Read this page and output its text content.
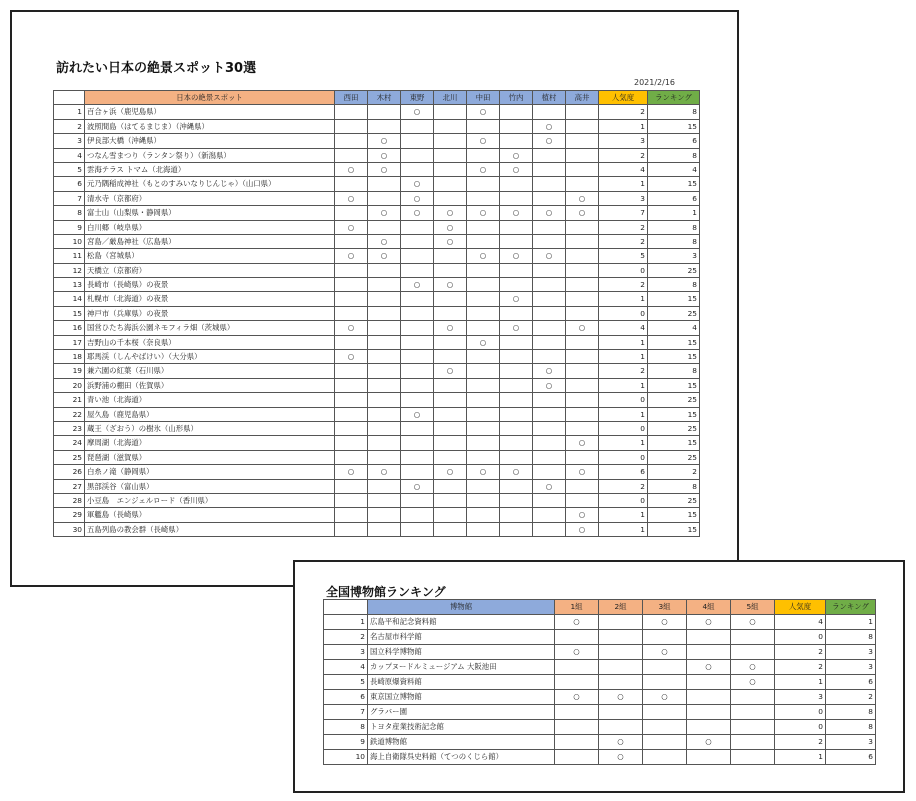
訪れたい日本の絶景スポット30選
2021/2/16
	日本の絶景スポット	西田	木村	東野	北川	中田	竹内	植村	高井	人気度	ランキング
1	百合ヶ浜（鹿児島県）			○		○				2	8
2	波照間島（はてるまじま）（沖縄県）							○		1	15
3	伊良部大橋（沖縄県）		○			○		○		3	6
4	つなん雪まつり（ランタン祭り）（新潟県）		○				○			2	8
5	雲海テラス トマム（北海道）	○	○			○	○			4	4
6	元乃隅稲成神社（もとのすみいなりじんじゃ）（山口県）			○						1	15
7	清水寺（京都府）	○		○					○	3	6
8	富士山（山梨県・静岡県）		○	○	○	○	○	○	○	7	1
9	白川郷（岐阜県）	○			○					2	8
10	宮島／厳島神社（広島県）		○		○					2	8
11	松島（宮城県）	○	○			○	○	○		5	3
12	天橋立（京都府）									0	25
13	長崎市（長崎県）の夜景			○	○					2	8
14	札幌市（北海道）の夜景						○			1	15
15	神戸市（兵庫県）の夜景									0	25
16	国営ひたち海浜公園ネモフィラ畑（茨城県）	○			○		○		○	4	4
17	吉野山の千本桜（奈良県）					○				1	15
18	耶馬渓（しんやばけい）（大分県）	○								1	15
19	兼六園の紅葉（石川県）				○			○		2	8
20	浜野浦の棚田（佐賀県）							○		1	15
21	青い池（北海道）									0	25
22	屋久島（鹿児島県）			○						1	15
23	蔵王（ざおう）の樹氷（山形県）									0	25
24	摩周湖（北海道）								○	1	15
25	琵琶湖（滋賀県）									0	25
26	白糸ノ滝（静岡県）	○	○		○	○	○		○	6	2
27	黒部渓谷（富山県）			○				○		2	8
28	小豆島　エンジェルロード（香川県）									0	25
29	軍艦島（長崎県）								○	1	15
30	五島列島の教会群（長崎県）								○	1	15
全国博物館ランキング
	博物館	1組	2組	3組	4組	5組	人気度	ランキング
1	広島平和記念資料館	○		○	○	○	4	1
2	名古屋市科学館						0	8
3	国立科学博物館	○		○			2	3
4	カップヌードルミュージアム 大阪池田				○	○	2	3
5	長崎原爆資料館					○	1	6
6	東京国立博物館	○	○	○			3	2
7	グラバー園						0	8
8	トヨタ産業技術記念館						0	8
9	鉄道博物館		○		○		2	3
10	海上自衛隊呉史料館（てつのくじら館）		○				1	6
